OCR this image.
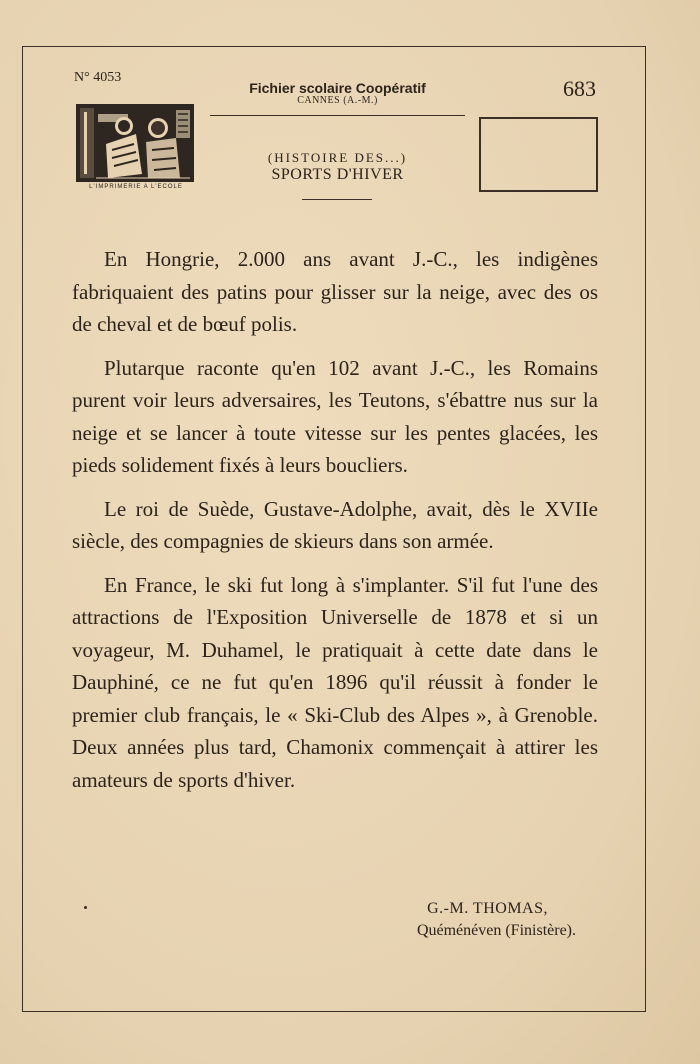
N° 4053	683
Fichier scolaire Coopératif
CANNES (A.-M.)
L'IMPRIMERIE A L'ECOLE
(HISTOIRE DES...)
SPORTS D'HIVER

En Hongrie, 2.000 ans avant J.-C., les indigènes fabriquaient des patins pour glisser sur la neige, avec des os de cheval et de bœuf polis.

Plutarque raconte qu'en 102 avant J.-C., les Romains purent voir leurs adversaires, les Teutons, s'ébattre nus sur la neige et se lancer à toute vitesse sur les pentes glacées, les pieds solidement fixés à leurs boucliers.

Le roi de Suède, Gustave-Adolphe, avait, dès le XVIIe siècle, des compagnies de skieurs dans son armée.

En France, le ski fut long à s'implanter. S'il fut l'une des attractions de l'Exposition Universelle de 1878 et si un voyageur, M. Duhamel, le pratiquait à cette date dans le Dauphiné, ce ne fut qu'en 1896 qu'il réussit à fonder le premier club français, le « Ski-Club des Alpes », à Grenoble. Deux années plus tard, Chamonix commençait à attirer les amateurs de sports d'hiver.

G.-M. THOMAS,
Quéménéven (Finistère).
